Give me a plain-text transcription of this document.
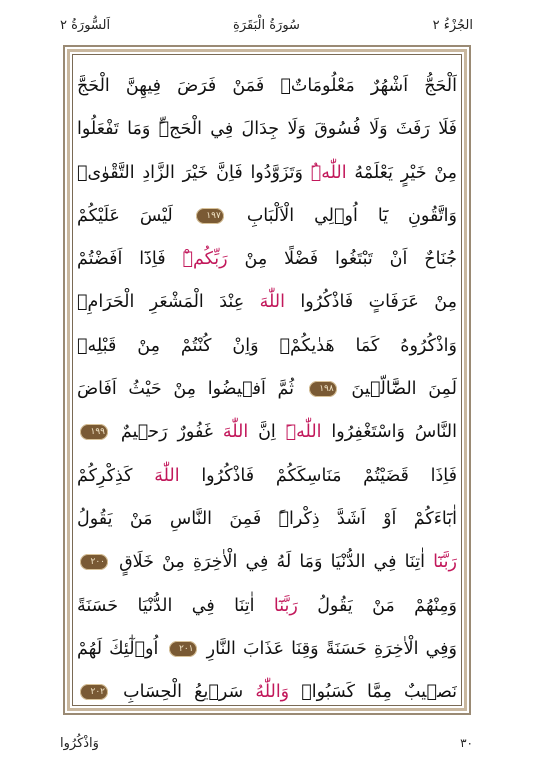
الجُزْءُ ٢
سُورَةُ الْبَقَرَةِ
اَلسُّورَةُ ٢
اَلْحَجُّ اَشْهُرٌ مَعْلُومَاتٌۚ فَمَنْ فَرَضَ فِيهِنَّ الْحَجَّ
فَلَا رَفَثَ وَلَا فُسُوقَ وَلَا جِدَالَ فِي الْحَجِّۜ وَمَا تَفْعَلُوا
مِنْ خَيْرٍ يَعْلَمْهُ اللّٰهُۜ وَتَزَوَّدُوا فَاِنَّ خَيْرَ الزَّادِ التَّقْوٰىۘ
وَاتَّقُونِ يَٓا اُو۬لِي الْاَلْبَابِ ١٩٧ لَيْسَ عَلَيْكُمْ
جُنَاحٌ اَنْ تَبْتَغُوا فَضْلًا مِنْ رَبِّكُمْۜ فَاِذَٓا اَفَضْتُمْ
مِنْ عَرَفَاتٍ فَاذْكُرُوا اللّٰهَ عِنْدَ الْمَشْعَرِ الْحَرَامِۖ
وَاذْكُرُوهُ كَمَا هَدٰيكُمْۚ وَاِنْ كُنْتُمْ مِنْ قَبْلِه۪
لَمِنَ الضَّٓالّ۪ينَ ١٩٨ ثُمَّ اَف۪يضُوا مِنْ حَيْثُ اَفَاضَ
النَّاسُ وَاسْتَغْفِرُوا اللّٰهَۜ اِنَّ اللّٰهَ غَفُورٌ رَح۪يمٌ ١٩٩
فَاِذَا قَضَيْتُمْ مَنَاسِكَكُمْ فَاذْكُرُوا اللّٰهَ كَذِكْرِكُمْ
اٰبَٓاءَكُمْ اَوْ اَشَدَّ ذِكْراًۜ فَمِنَ النَّاسِ مَنْ يَقُولُ
رَبَّنَٓا اٰتِنَا فِي الدُّنْيَا وَمَا لَهُ فِي الْاٰخِرَةِ مِنْ خَلَاقٍ ٢٠٠
وَمِنْهُمْ مَنْ يَقُولُ رَبَّنَٓا اٰتِنَا فِي الدُّنْيَا حَسَنَةً
وَفِي الْاٰخِرَةِ حَسَنَةً وَقِنَا عَذَابَ النَّارِ ٢٠١ اُو۬لٰٓئِكَ لَهُمْ
نَص۪يبٌ مِمَّا كَسَبُواۜ وَاللّٰهُ سَر۪يعُ الْحِسَابِ ٢٠٢
وَاذْكُرُوا	٣٠
